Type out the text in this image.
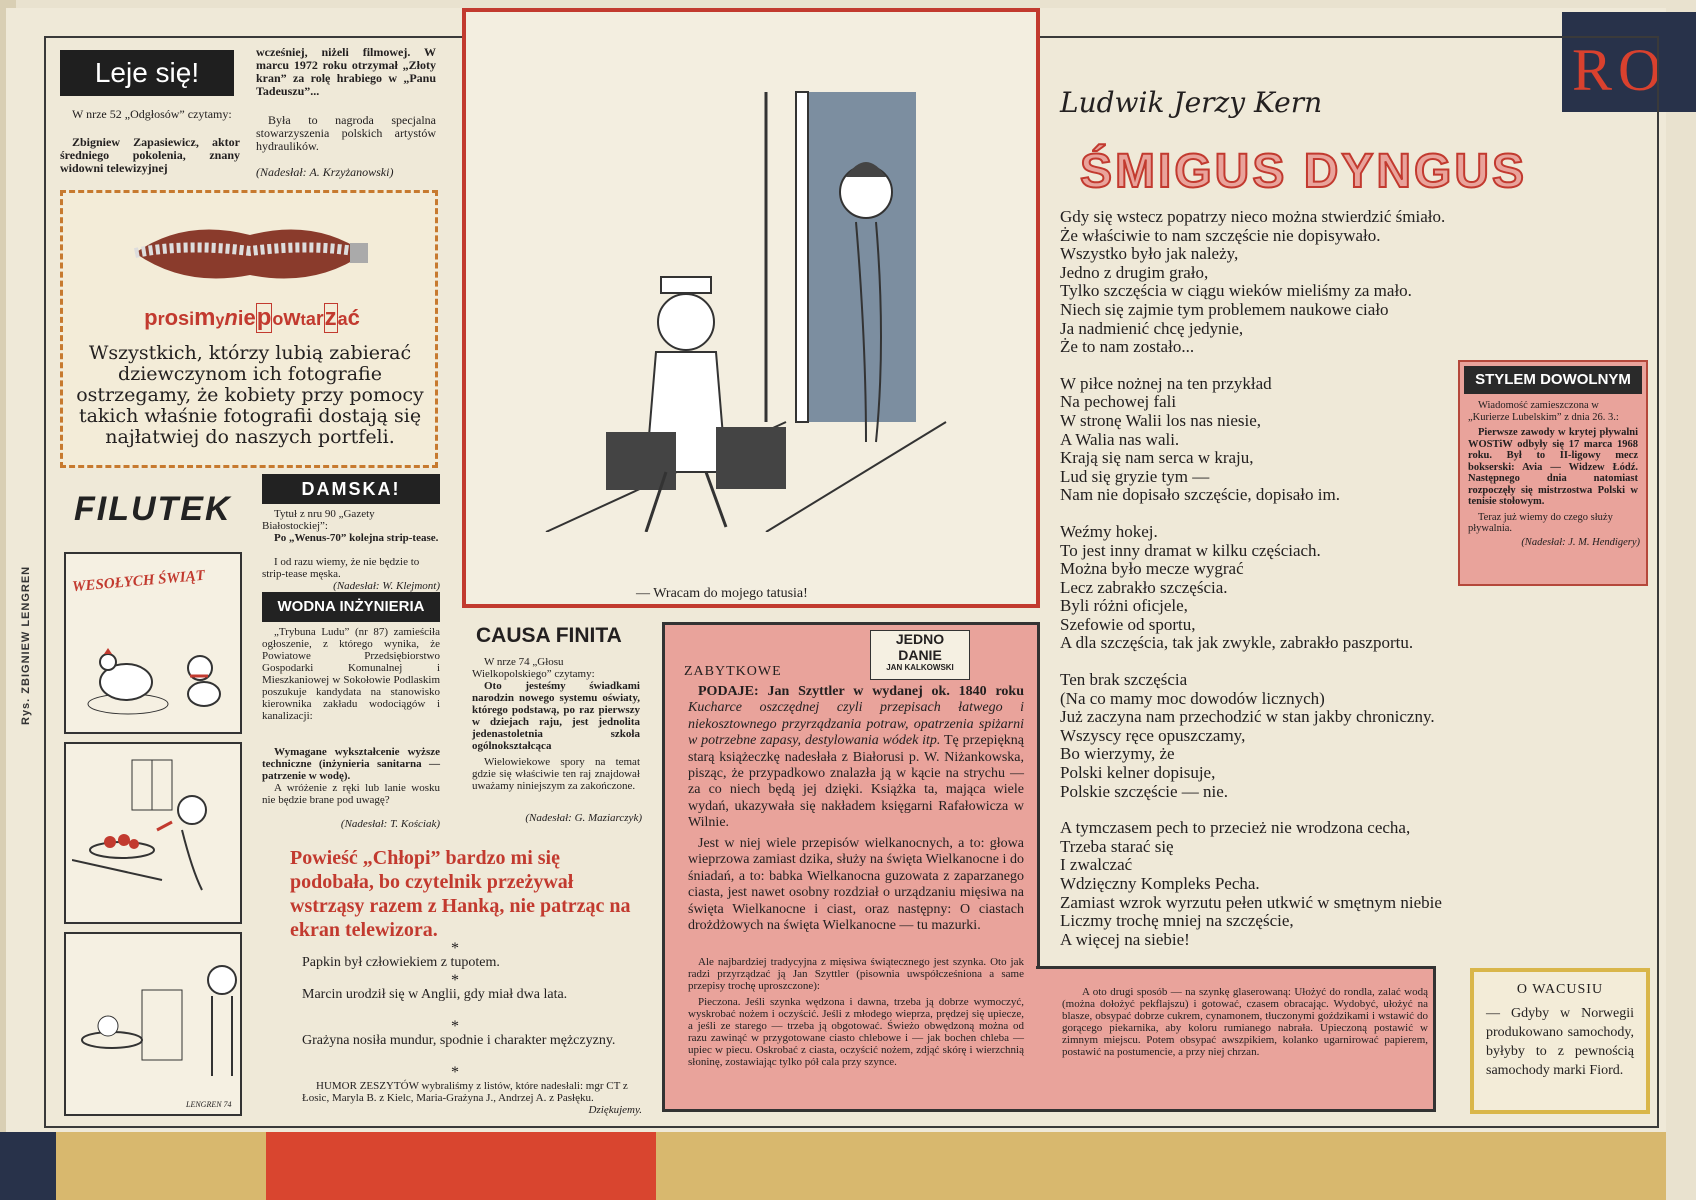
RO
Rys. ZBIGNIEW LENGREN
Leje się!

W nrze 52 „Odgłosów” czytamy:

Zbigniew Zapasiewicz, aktor średniego pokolenia, znany widowni telewizyjnej

wcześniej, niżeli filmowej. W marcu 1972 roku otrzymał „Złoty kran” za rolę hrabiego w „Panu Tadeuszu”...

Była to nagroda specjalna stowarzyszenia polskich artystów hydraulików.

(Nadesłał: A. Krzyżanowski)

prosimyniepowtarzać

Wszystkich, którzy lubią zabierać dziewczynom ich fotografie ostrzegamy, że kobiety przy pomocy takich właśnie fotografii dostają się najłatwiej do naszych portfeli.

FILUTEK
WESOŁYCH ŚWIĄT
LENGREN 74
DAMSKA!

Tytuł z nru 90 „Gazety Białostockiej”:

Po „Wenus-70” kolejna strip-tease.

I od razu wiemy, że nie będzie to strip-tease męska.

(Nadesłał: W. Klejmont)

WODNA INŻYNIERIA

„Trybuna Ludu” (nr 87) zamieściła ogłoszenie, z którego wynika, że Powiatowe Przedsiębiorstwo Gospodarki Komunalnej i Mieszkaniowej w Sokołowie Podlaskim poszukuje kandydata na stanowisko kierownika zakładu wodociągów i kanalizacji:

Wymagane wykształcenie wyższe techniczne (inżynieria sanitarna — patrzenie w wodę).

A wróżenie z ręki lub lanie wosku nie będzie brane pod uwagę?

(Nadesłał: T. Kościak)

— Wracam do mojego tatusia!
CAUSA FINITA

W nrze 74 „Głosu Wielkopolskiego” czytamy:

Oto jesteśmy świadkami narodzin nowego systemu oświaty, którego podstawą, po raz pierwszy w dziejach raju, jest jednolita jedenastoletnia szkoła ogólnokształcąca

Wielowiekowe spory na temat gdzie się właściwie ten raj znajdował uważamy niniejszym za zakończone.

(Nadesłał: G. Maziarczyk)

Powieść „Chłopi” bardzo mi się podobała, bo czytelnik przeżywał wstrząsy razem z Hanką, nie patrząc na ekran telewizora.
*

Papkin był człowiekiem z tupotem.

*

Marcin urodził się w Anglii, gdy miał dwa lata.

*

Grażyna nosiła mundur, spodnie i charakter mężczyzny.

*

HUMOR ZESZYTÓW wybraliśmy z listów, które nadesłali: mgr CT z Łosic, Maryla B. z Kielc, Maria-Grażyna J., Andrzej A. z Pasłęku.

Dziękujemy.

JEDNO
DANIE
JAN KALKOWSKI
ZABYTKOWE
PODAJE: Jan Szyttler w wydanej ok. 1840 roku Kucharce oszczędnej czyli przepisach łatwego i niekosztownego przyrządzania potraw, opatrzenia spiżarni w potrzebne zapasy, destylowania wódek itp. Tę przepiękną starą książeczkę nadesłała z Białorusi p. W. Niżankowska, pisząc, że przypadkowo znalazła ją w kącie na strychu — za co niech będą jej dzięki. Książka ta, mająca wiele wydań, ukazywała się nakładem księgarni Rafałowicza w Wilnie.
Jest w niej wiele przepisów wielkanocnych, a to: głowa wieprzowa zamiast dzika, służy na święta Wielkanocne i do śniadań, a to: babka Wielkanocna guzowata z zaparzanego ciasta, jest nawet osobny rozdział o urządzaniu mięsiwa na święta Wielkanocne i ciast, oraz następny: O ciastach drożdżowych na święta Wielkanocne — tu mazurki.
Ale najbardziej tradycyjna z mięsiwa świątecznego jest szynka. Oto jak radzi przyrządzać ją Jan Szyttler (pisownia uwspółcześniona a same przepisy trochę uproszczone):
Pieczona. Jeśli szynka wędzona i dawna, trzeba ją dobrze wymoczyć, wyskrobać nożem i oczyścić. Jeśli z młodego wieprza, prędzej się upiecze, a jeśli ze starego — trzeba ją obgotować. Świeżo obwędzoną można od razu zawinąć w przygotowane ciasto chlebowe i — jak bochen chleba — upiec w piecu. Oskrobać z ciasta, oczyścić nożem, zdjąć skórę i wierzchnią słoninę, zostawiając tylko pół cala przy szynce.
A oto drugi sposób — na szynkę glaserowaną: Ułożyć do rondla, zalać wodą (można dołożyć pekflajszu) i gotować, czasem obracając. Wydobyć, ułożyć na blasze, obsypać dobrze cukrem, cynamonem, tłuczonymi goździkami i wstawić do gorącego piekarnika, aby koloru rumianego nabrała. Upieczoną postawić w zimnym miejscu. Potem obsypać awszpikiem, kolanko ugarnirować papierem, postawić na postumencie, a przy niej chrzan.
Ludwik Jerzy Kern
ŚMIGUS DYNGUS

Gdy się wstecz popatrzy nieco można stwierdzić śmiało.

Że właściwie to nam szczęście nie dopisywało.

Wszystko było jak należy,

Jedno z drugim grało,

Tylko szczęścia w ciągu wieków mieliśmy za mało.

Niech się zajmie tym problemem naukowe ciało

Ja nadmienić chcę jedynie,

Że to nam zostało...

W piłce nożnej na ten przykład

Na pechowej fali

W stronę Walii los nas niesie,

A Walia nas wali.

Krają się nam serca w kraju,

Lud się gryzie tym —

Nam nie dopisało szczęście, dopisało im.

Weźmy hokej.

To jest inny dramat w kilku częściach.

Można było mecze wygrać

Lecz zabrakło szczęścia.

Byli różni oficjele,

Szefowie od sportu,

A dla szczęścia, tak jak zwykle, zabrakło paszportu.

Ten brak szczęścia

(Na co mamy moc dowodów licznych)

Już zaczyna nam przechodzić w stan jakby chroniczny.

Wszyscy ręce opuszczamy,

Bo wierzymy, że

Polski kelner dopisuje,

Polskie szczęście — nie.

A tymczasem pech to przecież nie wrodzona cecha,

Trzeba starać się

I zwalczać

Wdzięczny Kompleks Pecha.

Zamiast wzrok wyrzutu pełen utkwić w smętnym niebie

Liczmy trochę mniej na szczęście,

A więcej na siebie!

STYLEM DOWOLNYM

Wiadomość zamieszczona w „Kurierze Lubelskim” z dnia 26. 3.:

Pierwsze zawody w krytej pływalni WOSTiW odbyły się 17 marca 1968 roku. Był to II-ligowy mecz bokserski: Avia — Widzew Łódź. Następnego dnia natomiast rozpoczęły się mistrzostwa Polski w tenisie stołowym.

Teraz już wiemy do czego służy pływalnia.

(Nadesłał: J. M. Hendigery)

O WACUSIU

— Gdyby w Norwegii produkowano samochody, byłyby to z pewnością samochody marki Fiord.
